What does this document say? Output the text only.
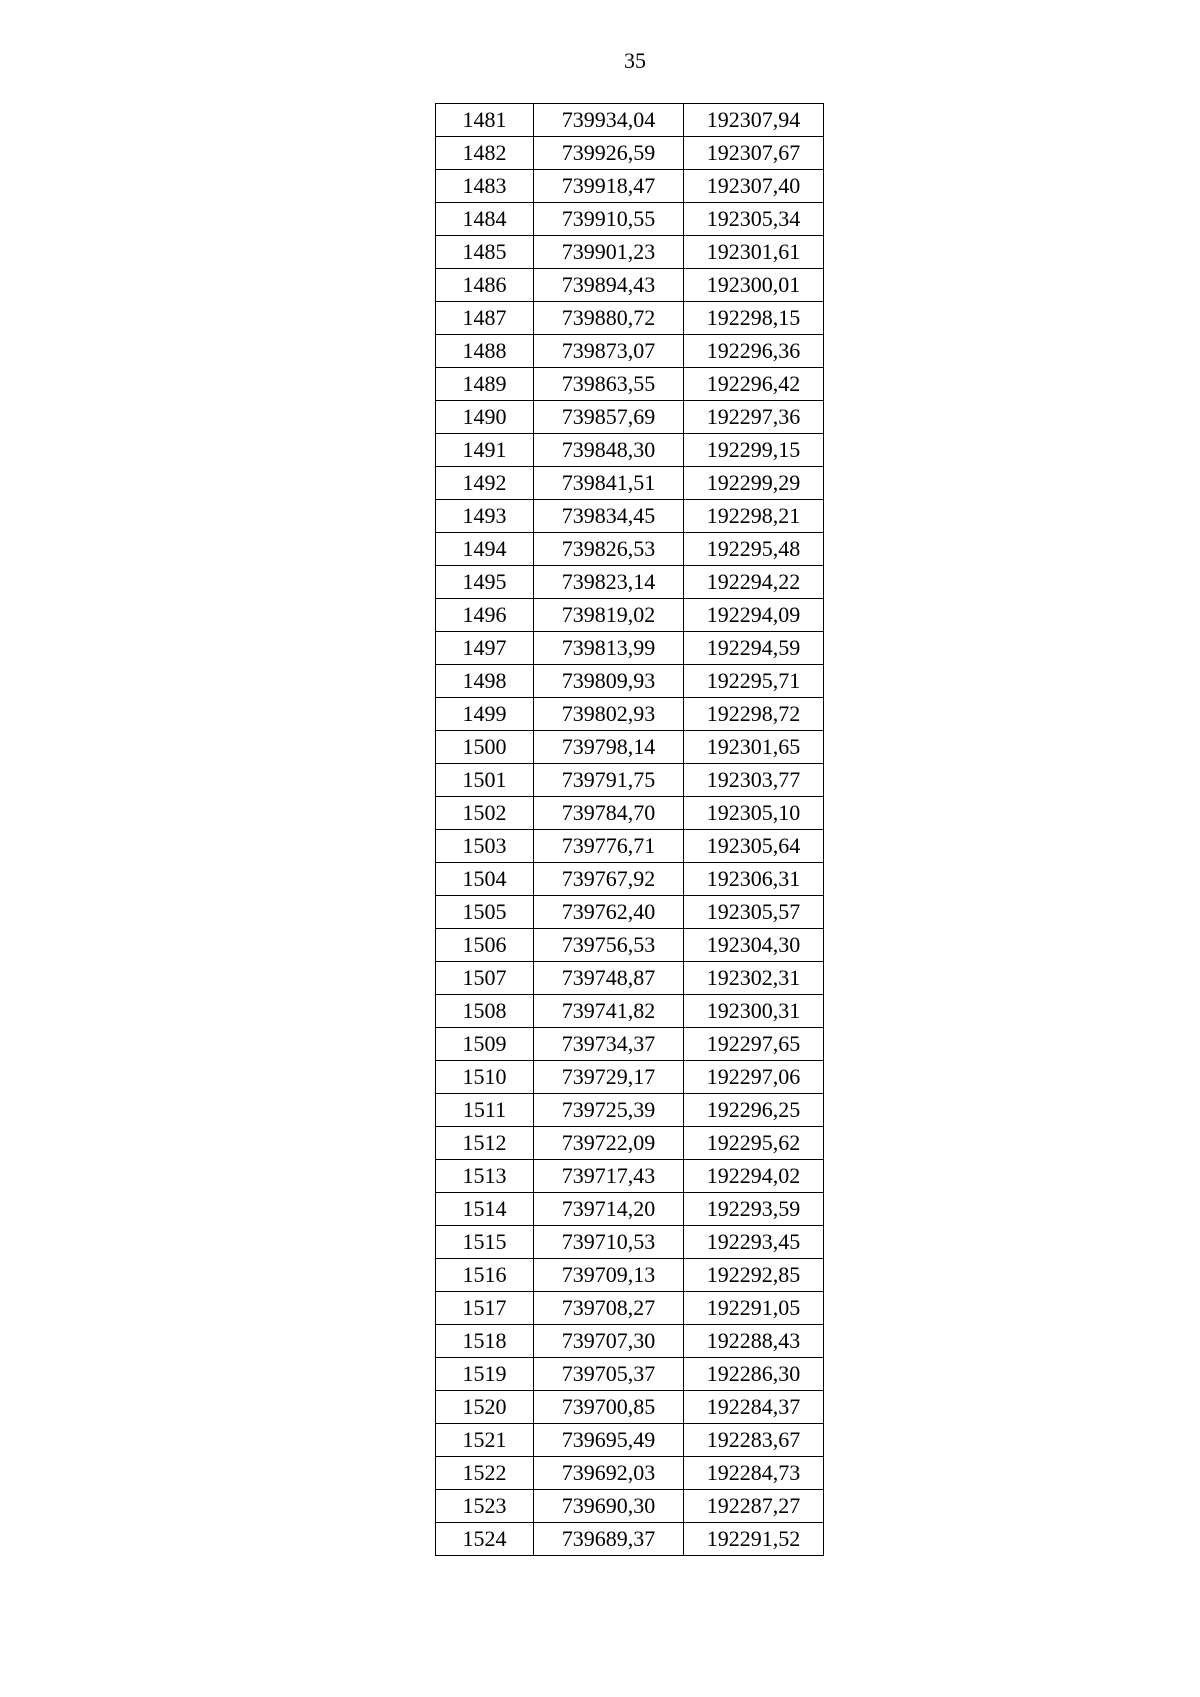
35
1481	739934,04	192307,94
1482	739926,59	192307,67
1483	739918,47	192307,40
1484	739910,55	192305,34
1485	739901,23	192301,61
1486	739894,43	192300,01
1487	739880,72	192298,15
1488	739873,07	192296,36
1489	739863,55	192296,42
1490	739857,69	192297,36
1491	739848,30	192299,15
1492	739841,51	192299,29
1493	739834,45	192298,21
1494	739826,53	192295,48
1495	739823,14	192294,22
1496	739819,02	192294,09
1497	739813,99	192294,59
1498	739809,93	192295,71
1499	739802,93	192298,72
1500	739798,14	192301,65
1501	739791,75	192303,77
1502	739784,70	192305,10
1503	739776,71	192305,64
1504	739767,92	192306,31
1505	739762,40	192305,57
1506	739756,53	192304,30
1507	739748,87	192302,31
1508	739741,82	192300,31
1509	739734,37	192297,65
1510	739729,17	192297,06
1511	739725,39	192296,25
1512	739722,09	192295,62
1513	739717,43	192294,02
1514	739714,20	192293,59
1515	739710,53	192293,45
1516	739709,13	192292,85
1517	739708,27	192291,05
1518	739707,30	192288,43
1519	739705,37	192286,30
1520	739700,85	192284,37
1521	739695,49	192283,67
1522	739692,03	192284,73
1523	739690,30	192287,27
1524	739689,37	192291,52
